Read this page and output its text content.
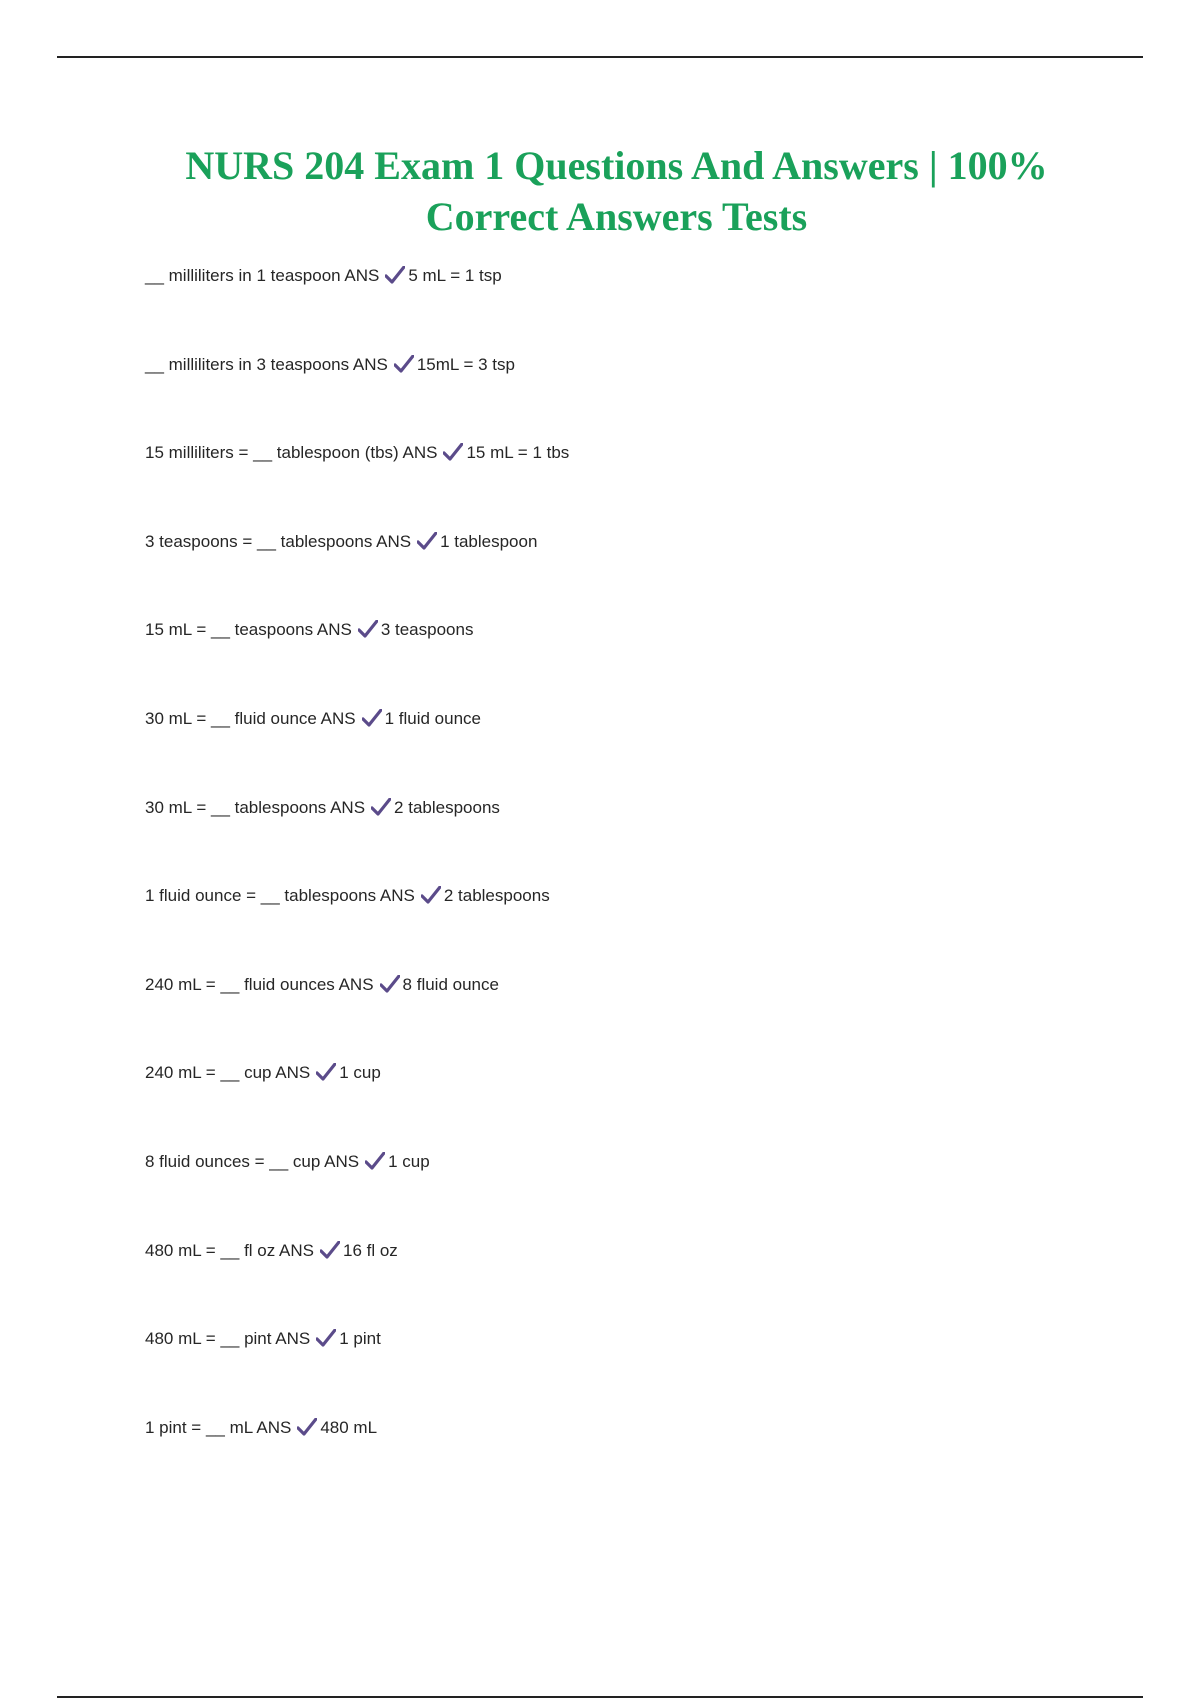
NURS 204 Exam 1 Questions And Answers | 100% Correct Answers Tests
__ milliliters in 1 teaspoon ANS 5 mL = 1 tsp
__ milliliters in 3 teaspoons ANS 15mL = 3 tsp
15 milliliters = __ tablespoon (tbs) ANS 15 mL = 1 tbs
3 teaspoons = __ tablespoons ANS 1 tablespoon
15 mL = __ teaspoons ANS 3 teaspoons
30 mL = __ fluid ounce ANS 1 fluid ounce
30 mL = __ tablespoons ANS 2 tablespoons
1 fluid ounce = __ tablespoons ANS 2 tablespoons
240 mL = __ fluid ounces ANS 8 fluid ounce
240 mL = __ cup ANS 1 cup
8 fluid ounces = __ cup ANS 1 cup
480 mL = __ fl oz ANS 16 fl oz
480 mL = __ pint ANS 1 pint
1 pint = __ mL ANS 480 mL
